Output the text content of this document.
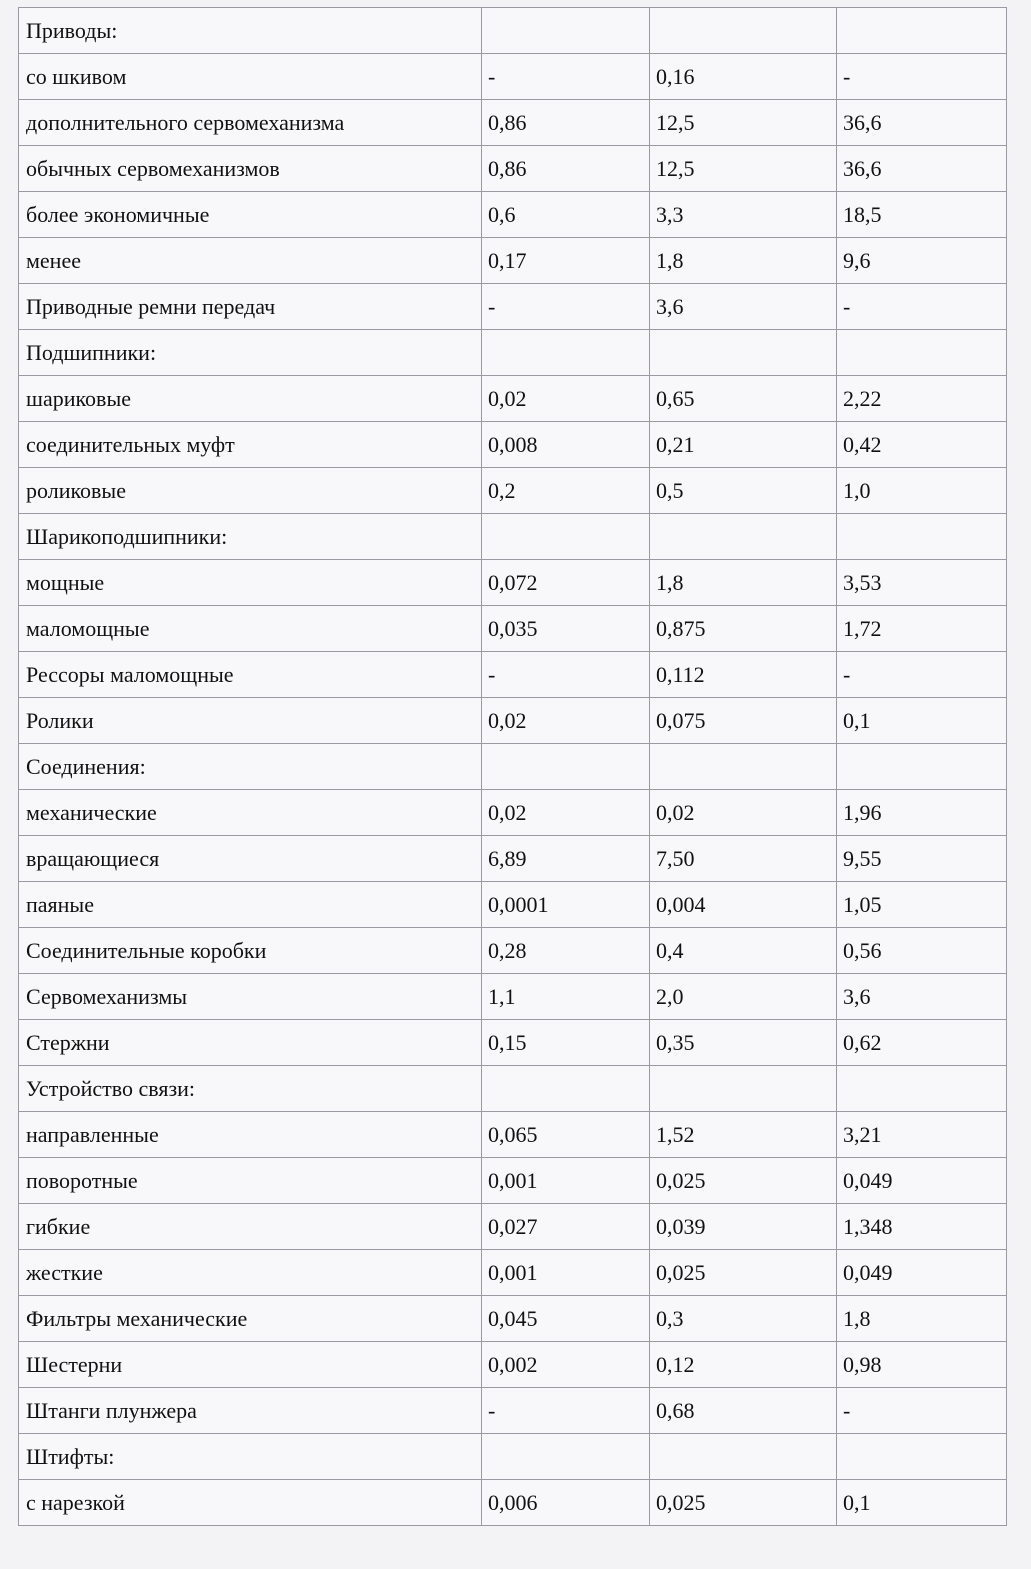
Приводы:			
со шкивом	-	0,16	-
дополнительного сервомеханизма	0,86	12,5	36,6
обычных сервомеханизмов	0,86	12,5	36,6
более экономичные	0,6	3,3	18,5
менее	0,17	1,8	9,6
Приводные ремни передач	-	3,6	-
Подшипники:			
шариковые	0,02	0,65	2,22
соединительных муфт	0,008	0,21	0,42
роликовые	0,2	0,5	1,0
Шарикоподшипники:			
мощные	0,072	1,8	3,53
маломощные	0,035	0,875	1,72
Рессоры маломощные	-	0,112	-
Ролики	0,02	0,075	0,1
Соединения:			
механические	0,02	0,02	1,96
вращающиеся	6,89	7,50	9,55
паяные	0,0001	0,004	1,05
Соединительные коробки	0,28	0,4	0,56
Сервомеханизмы	1,1	2,0	3,6
Стержни	0,15	0,35	0,62
Устройство связи:			
направленные	0,065	1,52	3,21
поворотные	0,001	0,025	0,049
гибкие	0,027	0,039	1,348
жесткие	0,001	0,025	0,049
Фильтры механические	0,045	0,3	1,8
Шестерни	0,002	0,12	0,98
Штанги плунжера	-	0,68	-
Штифты:			
с нарезкой	0,006	0,025	0,1
